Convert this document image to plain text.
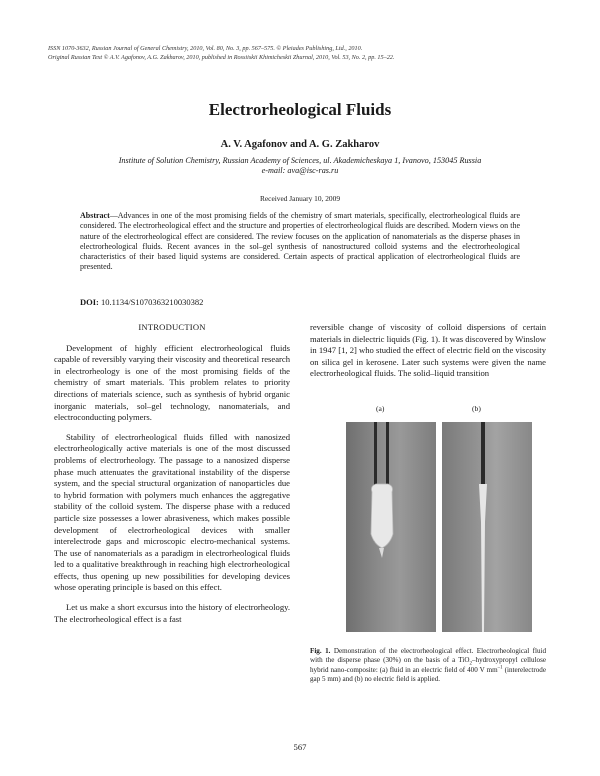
ISSN 1070-3632, Russian Journal of General Chemistry, 2010, Vol. 80, No. 3, pp. 567–575. © Pleiades Publishing, Ltd., 2010.
Original Russian Text © A.V. Agafonov, A.G. Zakharov, 2010, published in Rossiiskii Khimicheskii Zhurnal, 2010, Vol. 53, No. 2, pp. 15–22.
Electrorheological Fluids
A. V. Agafonov and A. G. Zakharov
Institute of Solution Chemistry, Russian Academy of Sciences, ul. Akademicheskaya 1, Ivanovo, 153045 Russia
e-mail: ava@isc-ras.ru
Received January 10, 2009
Abstract—Advances in one of the most promising fields of the chemistry of smart materials, specifically, electrorheological fluids are considered. The electrorheological effect and the structure and properties of electrorheological fluids are described. Modern views on the nature of the electrorheological effect are considered. The review focuses on the application of nanomaterials as the disperse phases in electrorheological fluids. Recent avances in the sol–gel synthesis of nanostructured colloid systems and the electrorheological characteristics of their based liquid systems are considered. Certain aspects of practical application of electrorheological fluids are presented.
DOI: 10.1134/S1070363210030382
INTRODUCTION

Development of highly efficient electrorheological fluids capable of reversibly varying their viscosity and theoretical research in electrorheology is one of the most promising fields of the chemistry of smart materials. This problem relates to priority directions of materials science, such as synthesis of hybrid organic inorganic materials, sol–gel technology, nanomaterials, and electroconducting polymers.

Stability of electrorheological fluids filled with nanosized electrorheologically active materials is one of the most discussed problems of electrorheology. The passage to a nanosized disperse phase much attenuates the gravitational instability of the disperse system, and the special structural organization of nanoparticles due to hybrid formation with polymers much enhances the aggregative stability of the colloid system. The disperse phase with a reduced particle size possesses a lower abrasiveness, which makes possible development of electrorheological devices with smaller interelectrode gaps and microscopic electro-mechanical systems. The use of nanomaterials as a paradigm in electrorheological fluids led to a qualitative breakthrough in reaching high electrorheological effects, thus opening up new possibilities for developing devices whose operating principle is based on this effect.

Let us make a short excursus into the history of electrorheology. The electrorheological effect is a fast

reversible change of viscosity of colloid dispersions of certain materials in dielectric liquids (Fig. 1). It was discovered by Winslow in 1947 [1, 2] who studied the effect of electric field on the viscosity on silica gel in kerosene. Later such systems were given the name electrorheological fluids. The solid–liquid transition

(a)	(b)
Fig. 1. Demonstration of the electrorheological effect. Electrorheological fluid with the disperse phase (30%) on the basis of a TiO$_2$–hydroxypropyl cellulose hybrid nano-composite: (a) fluid in an electric field of 400 V $mm^{-1}$ (interelectrode gap 5 mm) and (b) no electric field is applied.
567
